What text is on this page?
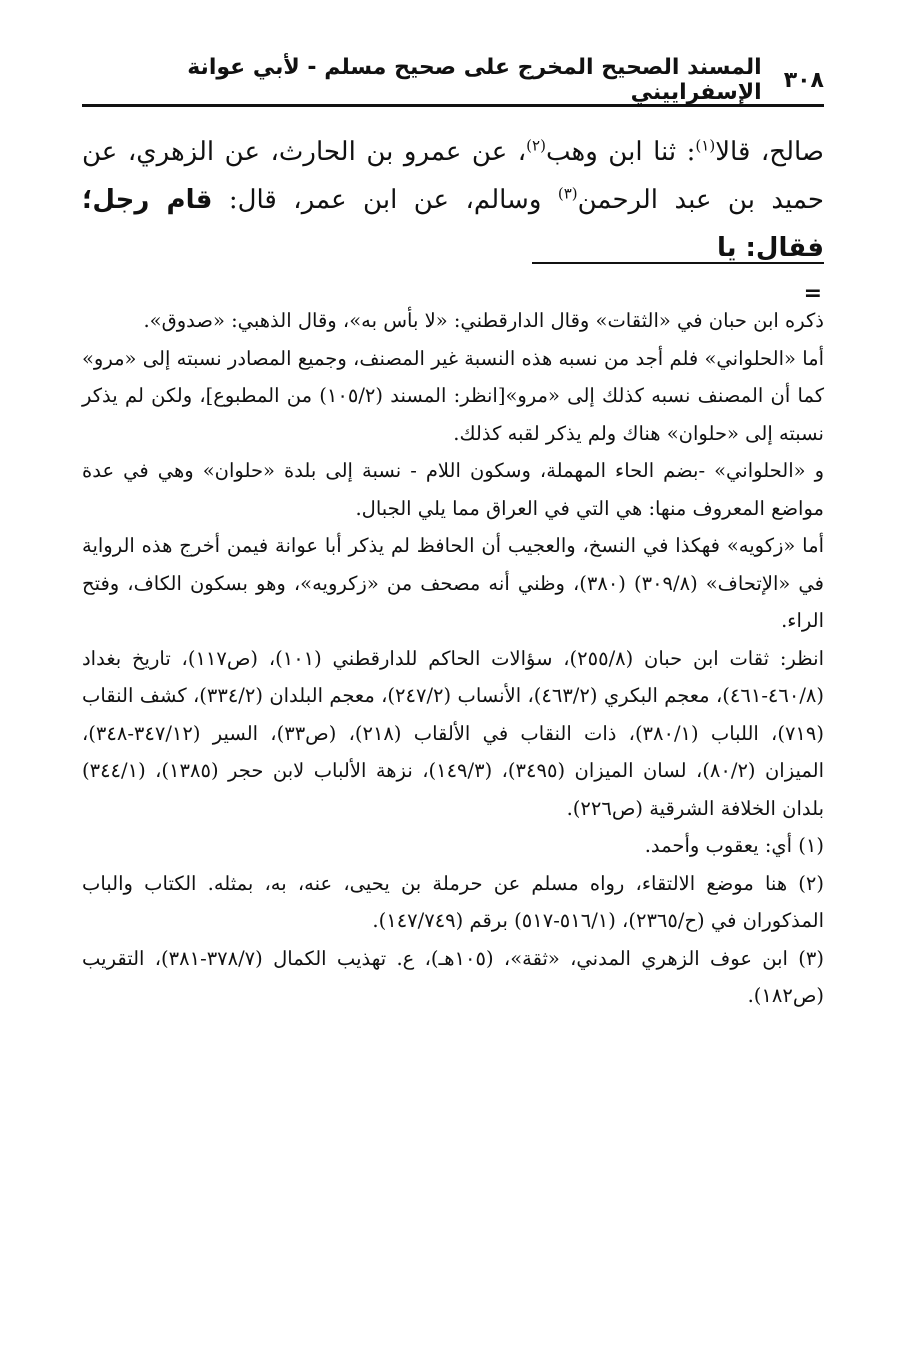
٣٠٨
المسند الصحيح المخرج على صحيح مسلم - لأبي عوانة الإسفراييني
صالح، قالا$^{(١)}$: ثنا ابن وهب$^{(٢)}$، عن عمرو بن الحارث، عن الزهري، عن حميد بن عبد الرحمن$^{(٣)}$ وسالم، عن ابن عمر، قال: قام رجل؛ فقال: يا
=

ذكره ابن حبان في «الثقات» وقال الدارقطني: «لا بأس به»، وقال الذهبي: «صدوق».

أما «الحلواني» فلم أجد من نسبه هذه النسبة غير المصنف، وجميع المصادر نسبته إلى «مرو» كما أن المصنف نسبه كذلك إلى «مرو»[انظر: المسند (١٠٥/٢) من المطبوع]، ولكن لم يذكر نسبته إلى «حلوان» هناك ولم يذكر لقبه كذلك.

و «الحلواني» -بضم الحاء المهملة، وسكون اللام - نسبة إلى بلدة «حلوان» وهي في عدة مواضع المعروف منها: هي التي في العراق مما يلي الجبال.

أما «زكويه» فهكذا في النسخ، والعجيب أن الحافظ لم يذكر أبا عوانة فيمن أخرج هذه الرواية في «الإتحاف» (٣٠٩/٨) (٣٨٠)، وظني أنه مصحف من «زكرويه»، وهو بسكون الكاف، وفتح الراء.

انظر: ثقات ابن حبان (٢٥٥/٨)، سؤالات الحاكم للدارقطني (١٠١)، (ص١١٧)، تاريخ بغداد (٤٦٠/٨-٤٦١)، معجم البكري (٤٦٣/٢)، الأنساب (٢٤٧/٢)، معجم البلدان (٣٣٤/٢)، كشف النقاب (٧١٩)، اللباب (٣٨٠/١)، ذات النقاب في الألقاب (٢١٨)، (ص٣٣)، السير (٣٤٧/١٢-٣٤٨)، الميزان (٨٠/٢)، لسان الميزان (٣٤٩٥)، (١٤٩/٣)، نزهة الألباب لابن حجر (١٣٨٥)، (٣٤٤/١) بلدان الخلافة الشرقية (ص٢٢٦).

(١) أي: يعقوب وأحمد.

(٢) هنا موضع الالتقاء، رواه مسلم عن حرملة بن يحيى، عنه، به، بمثله. الكتاب والباب المذكوران في (ح/٢٣٦٥)، (٥١٦/١-٥١٧) برقم (١٤٧/٧٤٩).

(٣) ابن عوف الزهري المدني، «ثقة»، (١٠٥هـ)، ع. تهذيب الكمال (٣٧٨/٧-٣٨١)، التقريب (ص١٨٢).
